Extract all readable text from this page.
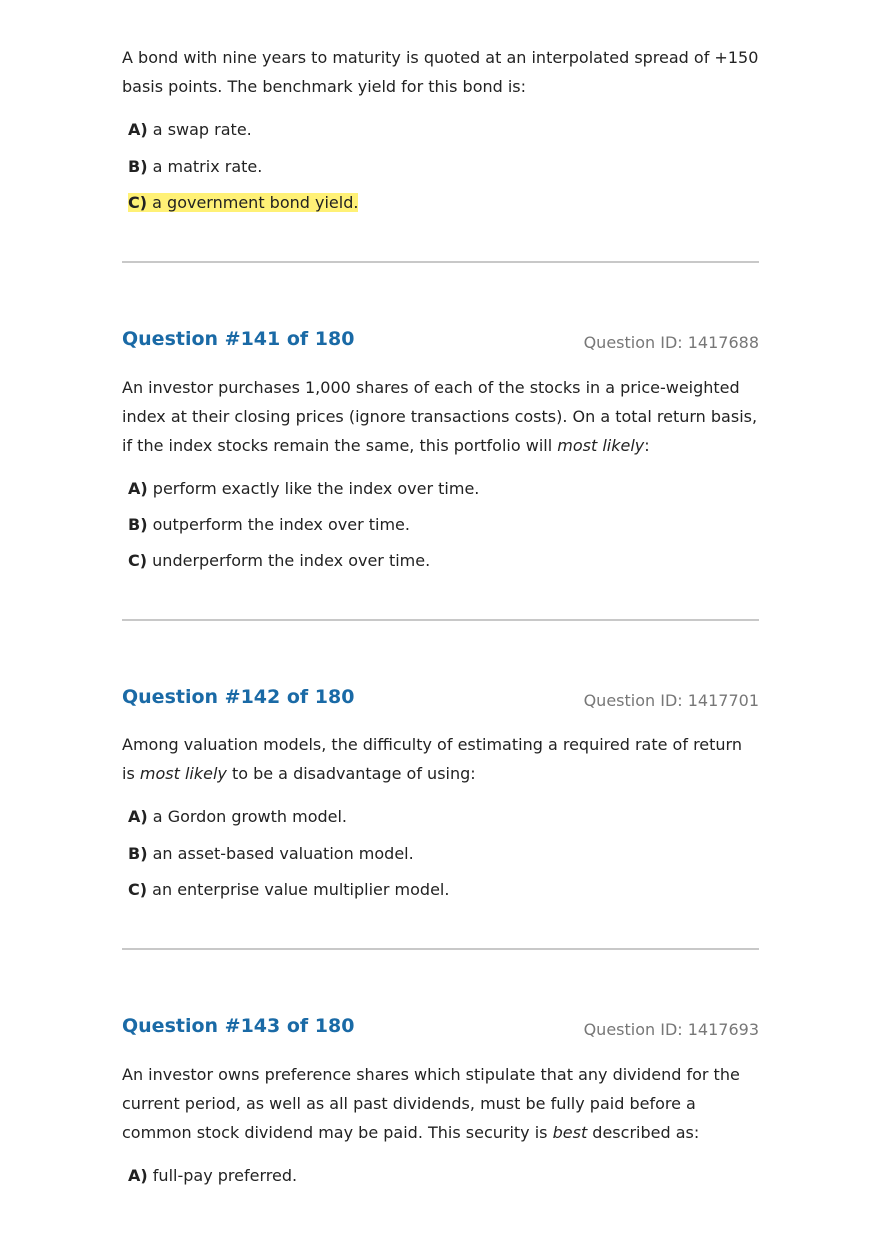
A bond with nine years to maturity is quoted at an interpolated spread of +150 basis points. The benchmark yield for this bond is:

A) a swap rate.
B) a matrix rate.
C) a government bond yield.
Question #141 of 180	Question ID: 1417688

An investor purchases 1,000 shares of each of the stocks in a price-weighted index at their closing prices (ignore transactions costs). On a total return basis, if the index stocks remain the same, this portfolio will most likely:

A) perform exactly like the index over time.
B) outperform the index over time.
C) underperform the index over time.
Question #142 of 180	Question ID: 1417701

Among valuation models, the difficulty of estimating a required rate of return is most likely to be a disadvantage of using:

A) a Gordon growth model.
B) an asset-based valuation model.
C) an enterprise value multiplier model.
Question #143 of 180	Question ID: 1417693

An investor owns preference shares which stipulate that any dividend for the current period, as well as all past dividends, must be fully paid before a common stock dividend may be paid. This security is best described as:

A) full-pay preferred.
